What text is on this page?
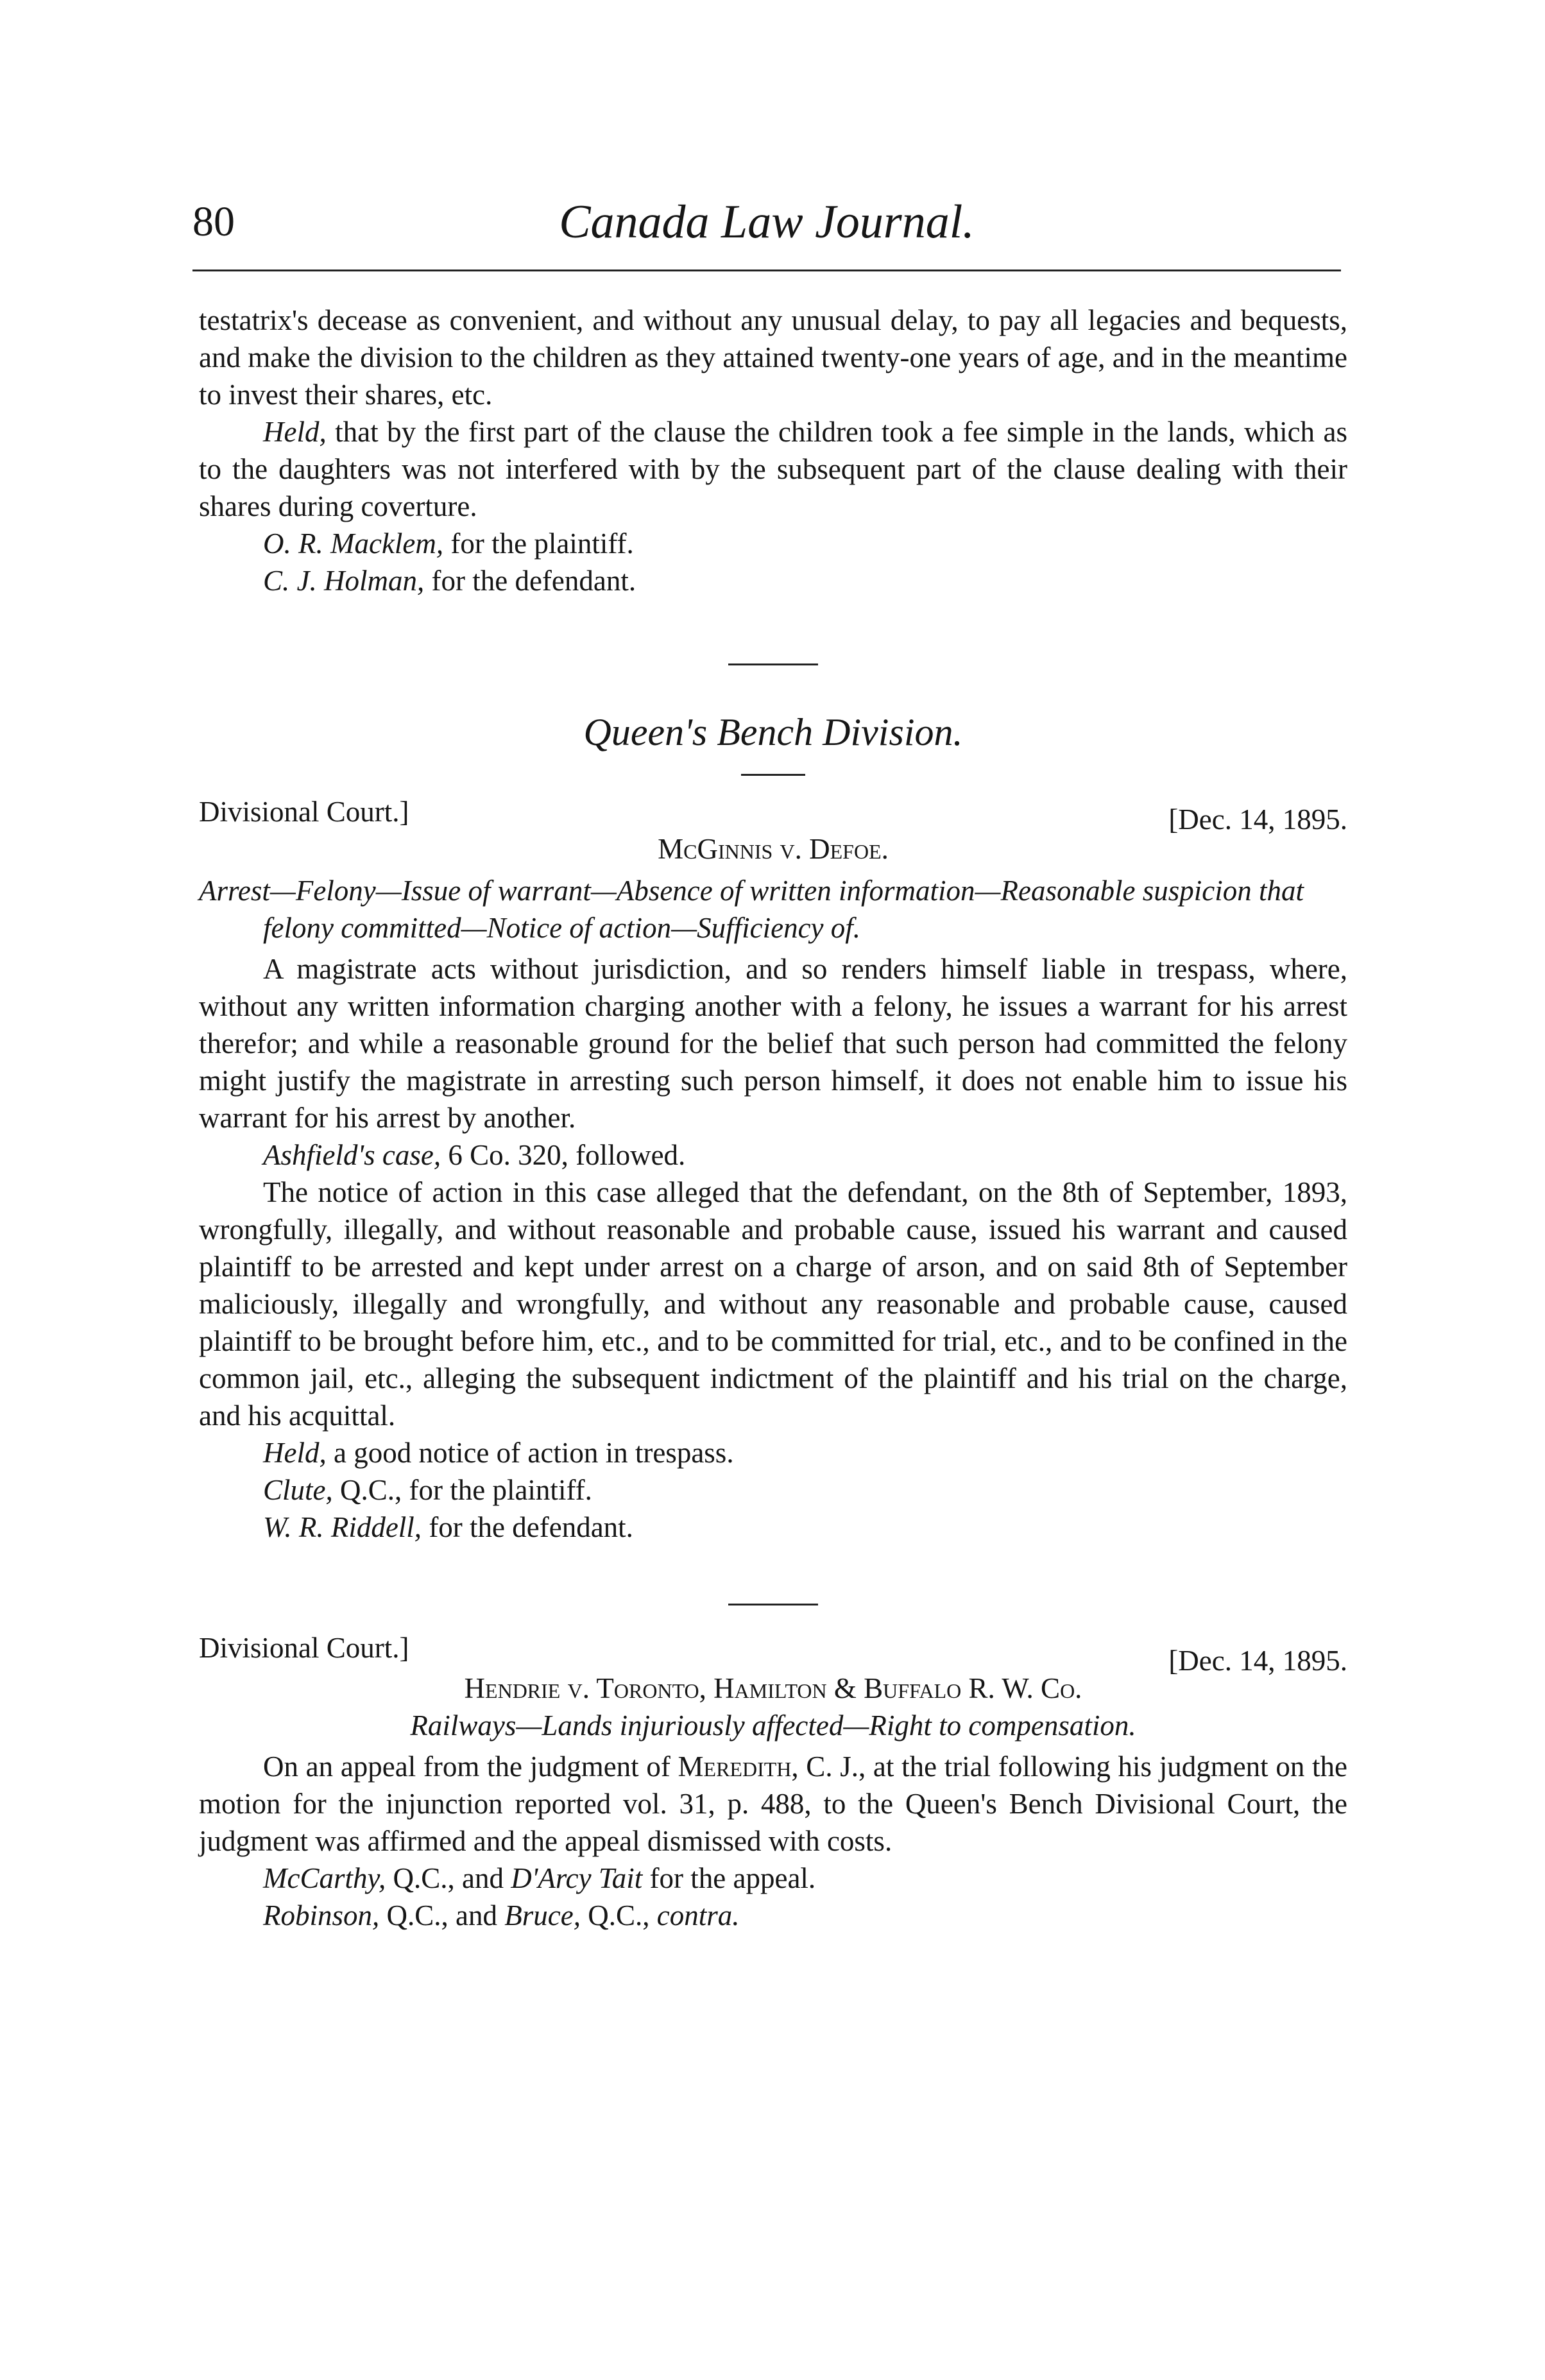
80	Canada Law Journal.

testatrix's decease as convenient, and without any unusual delay, to pay all legacies and bequests, and make the division to the children as they attained twenty-one years of age, and in the meantime to invest their shares, etc.

Held, that by the first part of the clause the children took a fee simple in the lands, which as to the daughters was not interfered with by the subsequent part of the clause dealing with their shares during coverture.

O. R. Macklem, for the plaintiff.

C. J. Holman, for the defendant.

Queen's Bench Division.
Divisional Court.]	[Dec. 14, 1895.
McGinnis v. Defoe.

Arrest—Felony—Issue of warrant—Absence of written information—Reasonable suspicion that felony committed—Notice of action—Sufficiency of.

A magistrate acts without jurisdiction, and so renders himself liable in trespass, where, without any written information charging another with a felony, he issues a warrant for his arrest therefor; and while a reasonable ground for the belief that such person had committed the felony might justify the magistrate in arresting such person himself, it does not enable him to issue his warrant for his arrest by another.

Ashfield's case, 6 Co. 320, followed.

The notice of action in this case alleged that the defendant, on the 8th of September, 1893, wrongfully, illegally, and without reasonable and probable cause, issued his warrant and caused plaintiff to be arrested and kept under arrest on a charge of arson, and on said 8th of September maliciously, illegally and wrongfully, and without any reasonable and probable cause, caused plaintiff to be brought before him, etc., and to be committed for trial, etc., and to be confined in the common jail, etc., alleging the subsequent indictment of the plaintiff and his trial on the charge, and his acquittal.

Held, a good notice of action in trespass.

Clute, Q.C., for the plaintiff.

W. R. Riddell, for the defendant.

Divisional Court.]	[Dec. 14, 1895.
Hendrie v. Toronto, Hamilton & Buffalo R. W. Co.
Railways—Lands injuriously affected—Right to compensation.

On an appeal from the judgment of Meredith, C. J., at the trial following his judgment on the motion for the injunction reported vol. 31, p. 488, to the Queen's Bench Divisional Court, the judgment was affirmed and the appeal dismissed with costs.

McCarthy, Q.C., and D'Arcy Tait for the appeal.

Robinson, Q.C., and Bruce, Q.C., contra.
